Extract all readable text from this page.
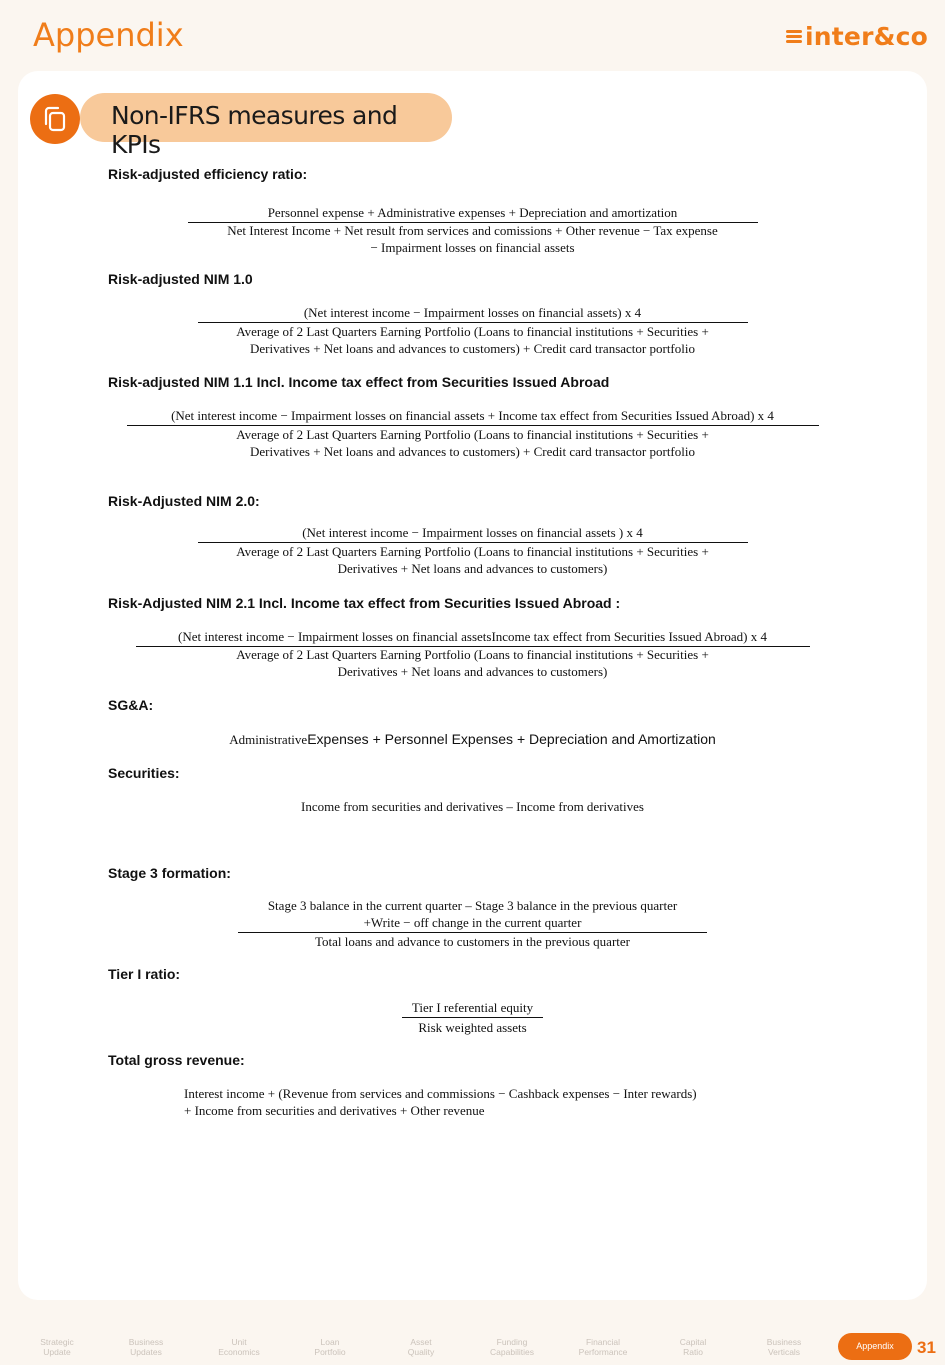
Appendix	inter&co
Non-IFRS measures and KPIs
Risk-adjusted efficiency ratio:
Personnel expense + Administrative expenses + Depreciation and amortization
Net Interest Income + Net result from services and comissions + Other revenue − Tax expense
− Impairment losses on financial assets
Risk-adjusted NIM 1.0
(Net interest income − Impairment losses on financial assets) x 4
Average of 2 Last Quarters Earning Portfolio (Loans to financial institutions + Securities +
Derivatives + Net loans and advances to customers) + Credit card transactor portfolio
Risk-adjusted NIM 1.1 Incl. Income tax effect from Securities Issued Abroad
(Net interest income − Impairment losses on financial assets + Income tax effect from Securities Issued Abroad) x 4
Average of 2 Last Quarters Earning Portfolio (Loans to financial institutions + Securities +
Derivatives + Net loans and advances to customers) + Credit card transactor portfolio
Risk-Adjusted NIM 2.0:
(Net interest income − Impairment losses on financial assets ) x 4
Average of 2 Last Quarters Earning Portfolio (Loans to financial institutions + Securities +
Derivatives + Net loans and advances to customers)
Risk-Adjusted NIM 2.1 Incl. Income tax effect from Securities Issued Abroad :
(Net interest income − Impairment losses on financial assetsIncome tax effect from Securities Issued Abroad) x 4
Average of 2 Last Quarters Earning Portfolio (Loans to financial institutions + Securities +
Derivatives + Net loans and advances to customers)
SG&A:
AdministrativeExpenses + Personnel Expenses + Depreciation and Amortization
Securities:
Income from securities and derivatives – Income from derivatives
Stage 3 formation:
Stage 3 balance in the current quarter – Stage 3 balance in the previous quarter
+Write − off change in the current quarter
Total loans and advance to customers in the previous quarter
Tier I ratio:
Tier I referential equity
Risk weighted assets
Total gross revenue:
Interest income + (Revenue from services and commissions − Cashback expenses − Inter rewards)
+ Income from securities and derivatives + Other revenue
Strategic
Update
Business
Updates
Unit
Economics
Loan
Portfolio
Asset
Quality
Funding
Capabilities
Financial
Performance
Capital
Ratio
Business
Verticals
Appendix	31
